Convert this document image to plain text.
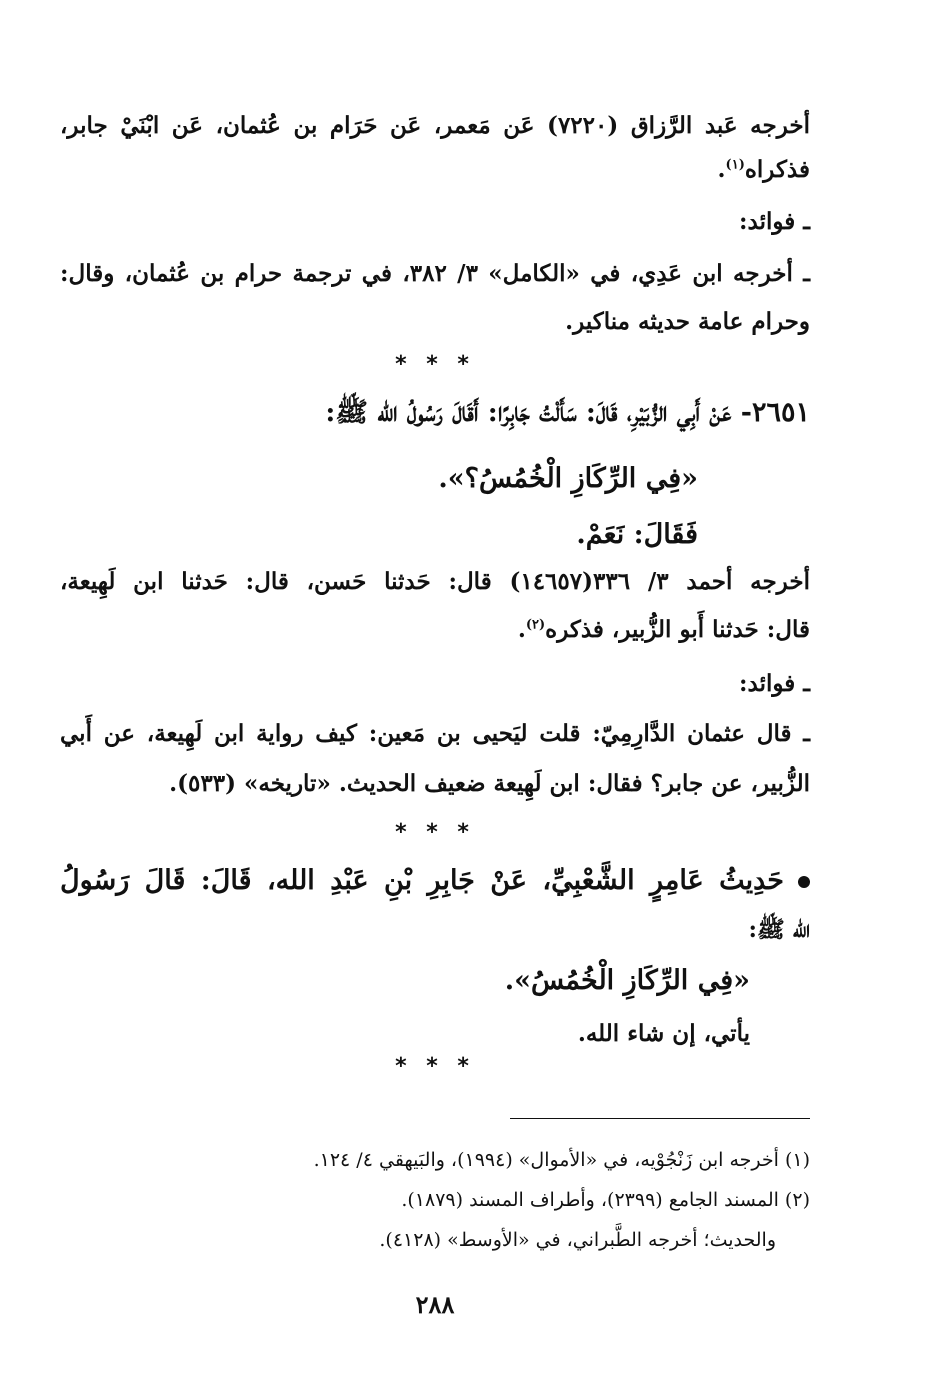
أخرجه عَبد الرَّزاق (٧٢٢٠) عَن مَعمر، عَن حَرَام بن عُثمان، عَن ابْنَيْ جابر،
فذكراه$^{(١)}$.
ـ فوائد:
ـ أخرجه ابن عَدِي، في «الكامل» ٣/ ٣٨٢، في ترجمة حرام بن عُثمان، وقال:
وحرام عامة حديثه مناكير.
* * *
٢٦٥١- عَنْ أَبِي الزُّبَيْرِ، قَالَ: سَأَلْتُ جَابِرًا: أَقَالَ رَسُولُ الله ﷺ:
«فِي الرِّكَازِ الْخُمُسُ؟».
فَقَالَ: نَعَمْ.
أخرجه أحمد ٣/ ٣٣٦(١٤٦٥٧) قال: حَدثنا حَسن، قال: حَدثنا ابن لَهِيعة،
قال: حَدثنا أَبو الزُّبير، فذكره$^{(٢)}$.
ـ فوائد:
ـ قال عثمان الدَّارِمِيّ: قلت ليَحيى بن مَعين: كيف رواية ابن لَهِيعة، عن أَبي
الزُّبير، عن جابر؟ فقال: ابن لَهِيعة ضعيف الحديث. «تاريخه» (٥٣٣).
* * *
حَدِيثُ عَامِرٍ الشَّعْبِيِّ، عَنْ جَابِرِ بْنِ عَبْدِ الله، قَالَ: قَالَ رَسُولُ
الله ﷺ:
«فِي الرِّكَازِ الْخُمُسُ».
يأتي، إن شاء الله.
* * *
(١) أخرجه ابن زَنْجُوْيه، في «الأموال» (١٩٩٤)، والبَيهقي ٤/ ١٢٤.
(٢) المسند الجامع (٢٣٩٩)، وأطراف المسند (١٨٧٩).
والحديث؛ أخرجه الطَّبراني، في «الأوسط» (٤١٢٨).
٢٨٨
